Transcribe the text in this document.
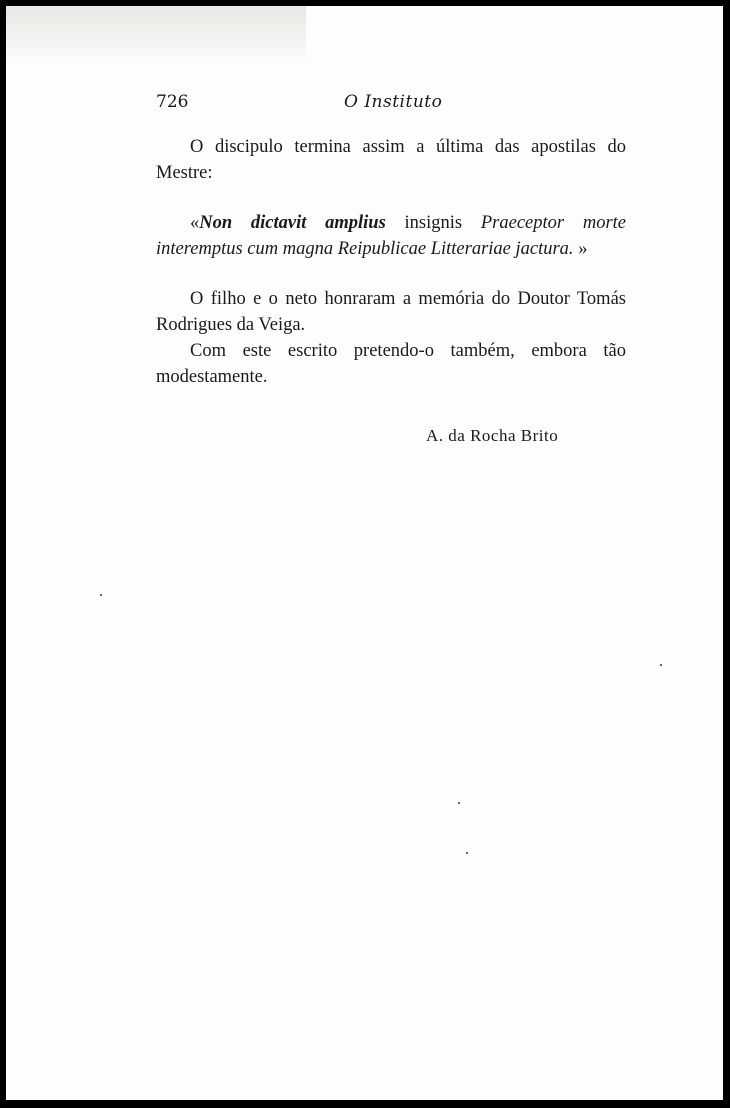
726	O Instituto

O discipulo termina assim a última das apostilas do Mestre:

«Non dictavit amplius insignis Praeceptor morte interemptus cum magna Reipublicae Litterariae jactura. »

O filho e o neto honraram a memória do Doutor Tomás Rodrigues da Veiga.

Com este escrito pretendo-o também, embora tão modestamente.

A. da Rocha Brito
